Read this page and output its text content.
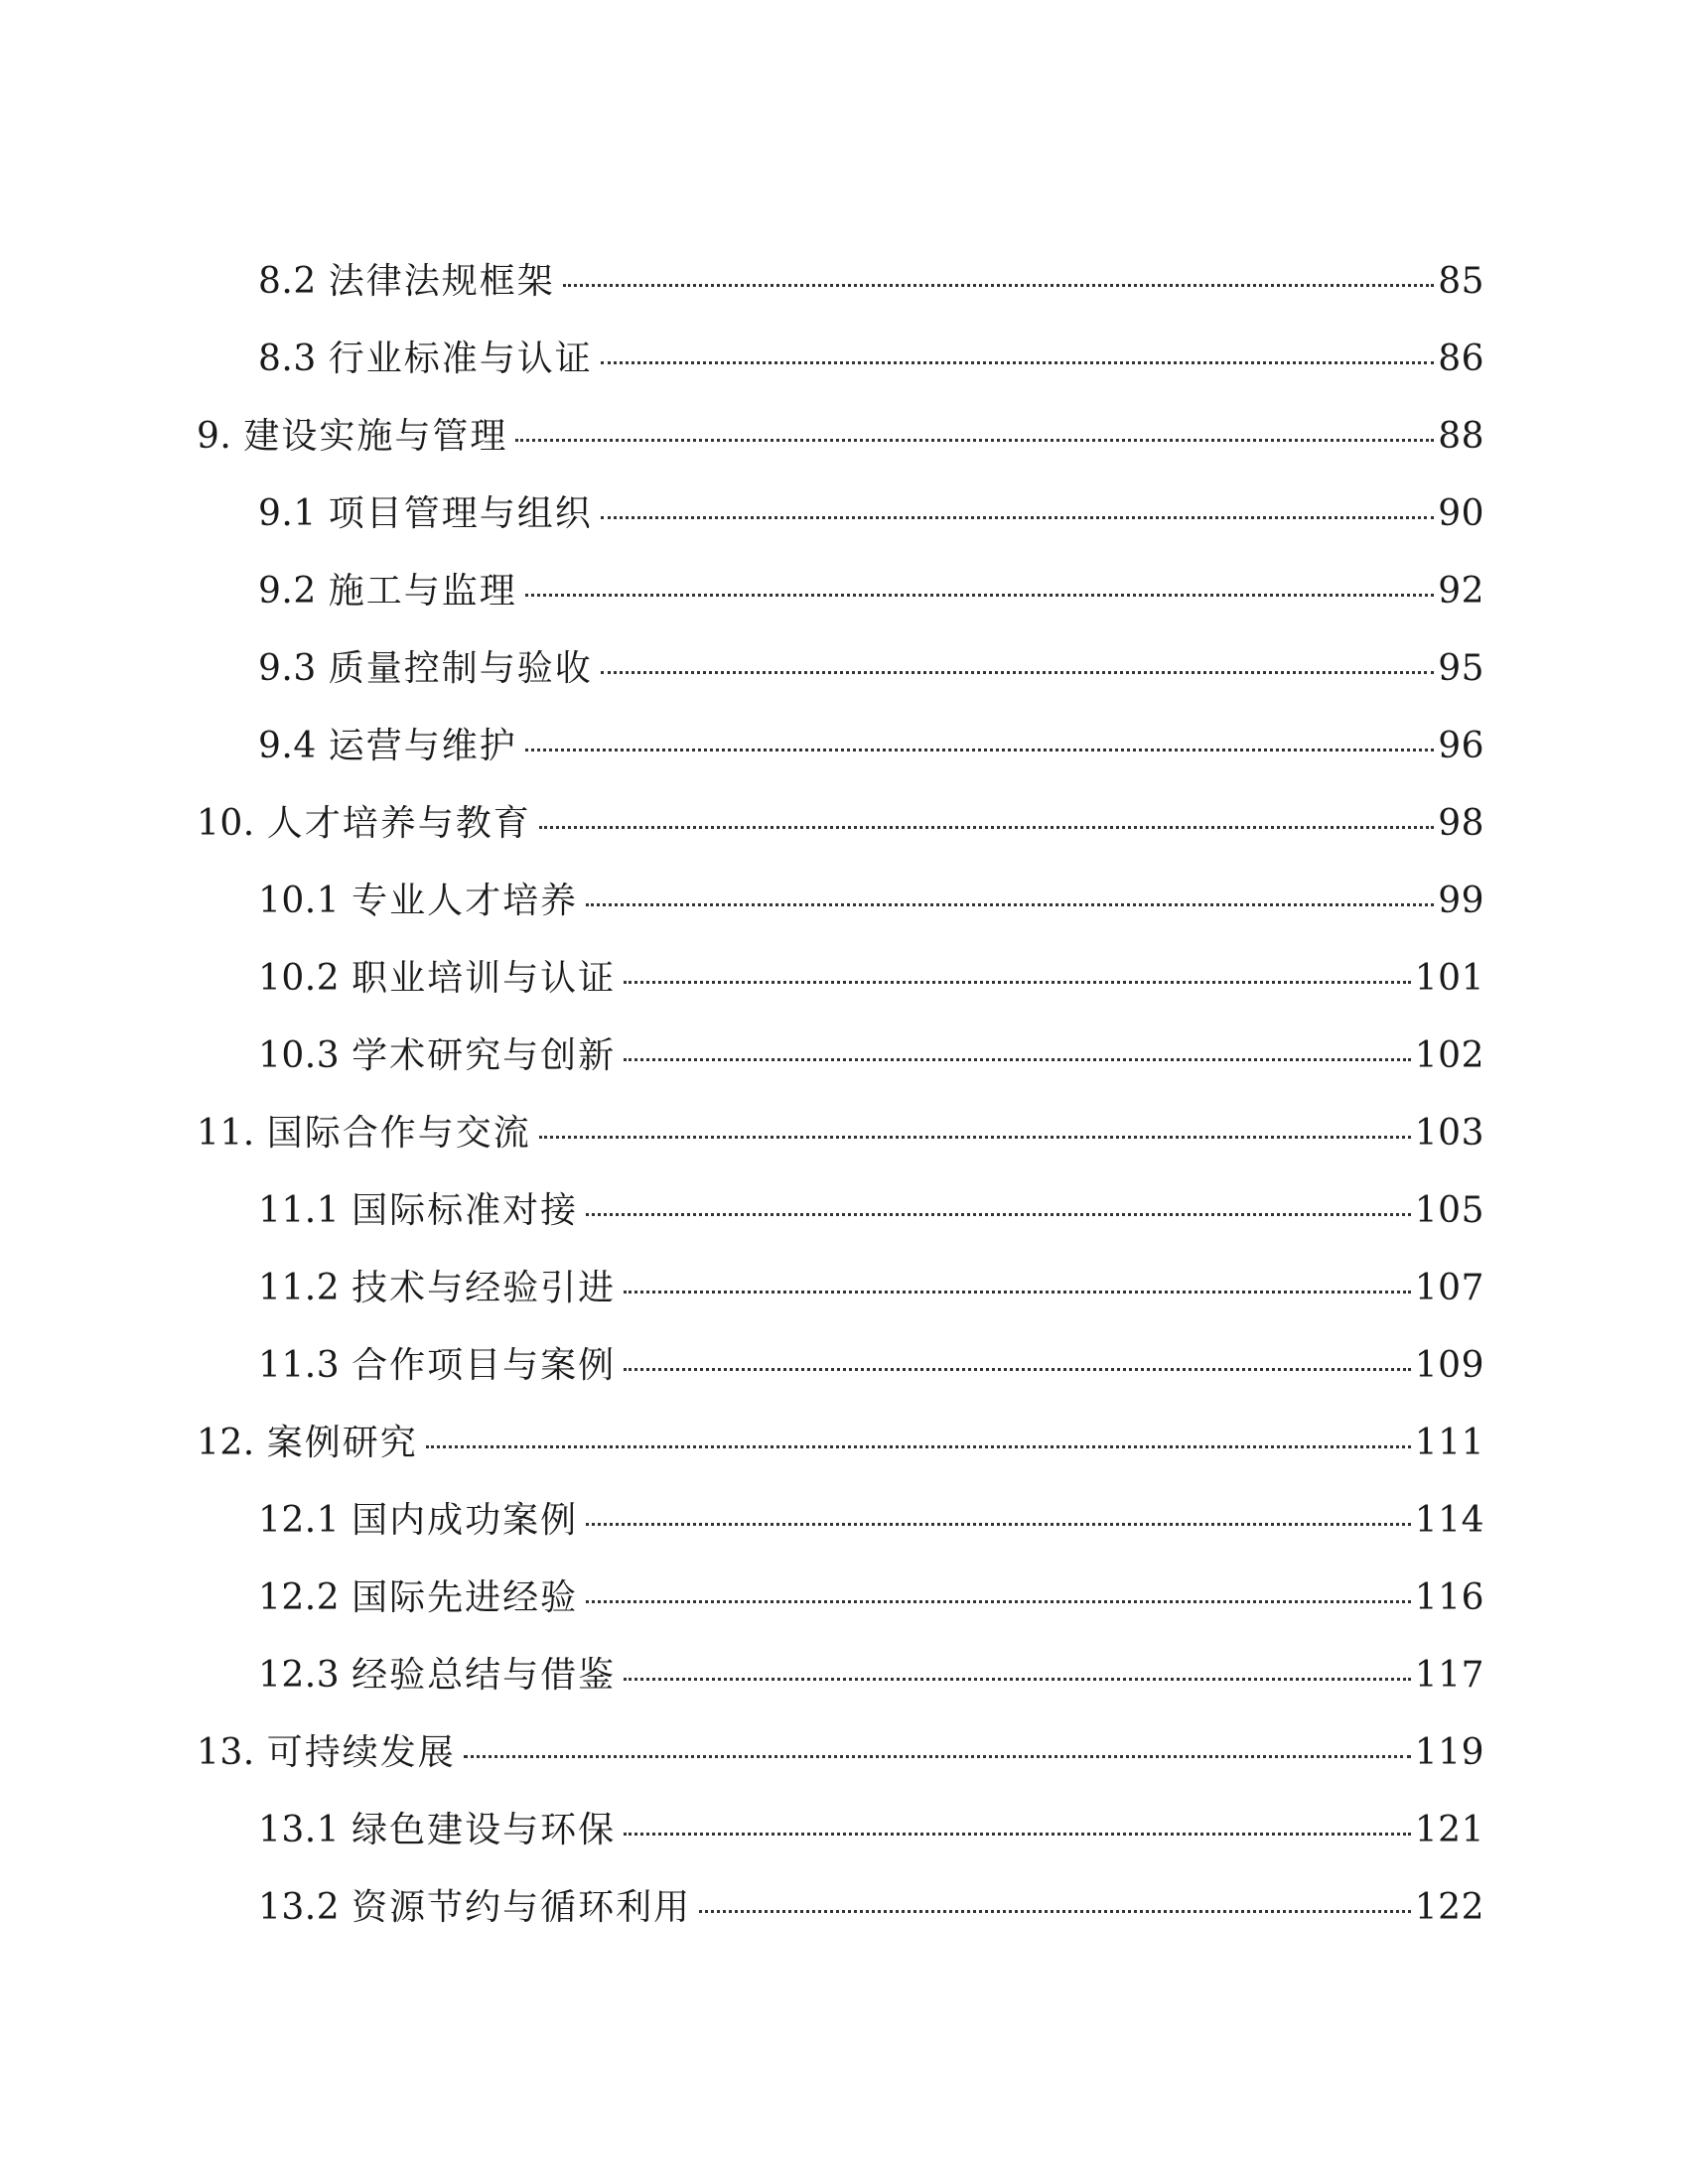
8.2 法律法规框架	85
8.3 行业标准与认证	86
9. 建设实施与管理	88
9.1 项目管理与组织	90
9.2 施工与监理	92
9.3 质量控制与验收	95
9.4 运营与维护	96
10. 人才培养与教育	98
10.1 专业人才培养	99
10.2 职业培训与认证	101
10.3 学术研究与创新	102
11. 国际合作与交流	103
11.1 国际标准对接	105
11.2 技术与经验引进	107
11.3 合作项目与案例	109
12. 案例研究	111
12.1 国内成功案例	114
12.2 国际先进经验	116
12.3 经验总结与借鉴	117
13. 可持续发展	119
13.1 绿色建设与环保	121
13.2 资源节约与循环利用	122
